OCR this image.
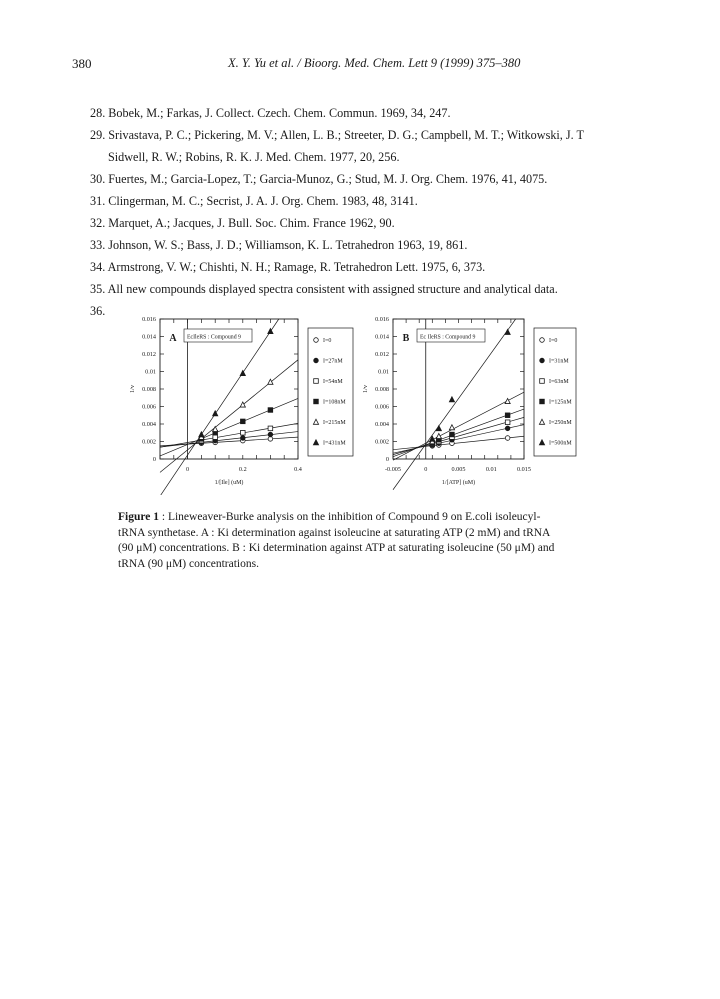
380	X. Y. Yu et al. / Bioorg. Med. Chem. Lett 9 (1999) 375–380
28. Bobek, M.; Farkas, J. Collect. Czech. Chem. Commun. 1969, 34, 247.
29. Srivastava, P. C.; Pickering, M. V.; Allen, L. B.; Streeter, D. G.; Campbell, M. T.; Witkowski, J. T
Sidwell, R. W.; Robins, R. K. J. Med. Chem. 1977, 20, 256.
30. Fuertes, M.; Garcia-Lopez, T.; Garcia-Munoz, G.; Stud, M. J. Org. Chem. 1976, 41, 4075.
31. Clingerman, M. C.; Secrist, J. A. J. Org. Chem. 1983, 48, 3141.
32. Marquet, A.; Jacques, J. Bull. Soc. Chim. France 1962, 90.
33. Johnson, W. S.; Bass, J. D.; Williamson, K. L. Tetrahedron 1963, 19, 861.
34. Armstrong, V. W.; Chishti, N. H.; Ramage, R. Tetrahedron Lett. 1975, 6, 373.
35. All new compounds displayed spectra consistent with assigned structure and analytical data.
36.
0
0.002
0.004
0.006
0.008
0.01
0.012
0.014
0.016
0	0.2	0.4
1/[Ile] (uM)
1/v
A EcIleRS : Compound 9
I=0
I=27nM
I=54nM
I=108nM
I=215nM
I=431nM
0
0.002
0.004
0.006
0.008
0.01
0.012
0.014
0.016
-0.005	0	0.005	0.01	0.015
1/[ATP] (uM)
1/v
B Ec IleRS : Compound 9
I=0
I=31nM
I=63nM
I=125nM
I=250nM
I=500nM
Figure 1 : Lineweaver-Burke analysis on the inhibition of Compound 9 on E.coli isoleucyl-tRNA synthetase. A : Ki determination against isoleucine at saturating ATP (2 mM) and tRNA (90 μM) concentrations. B : Ki determination against ATP at saturating isoleucine (50 μM) and tRNA (90 μM) concentrations.
